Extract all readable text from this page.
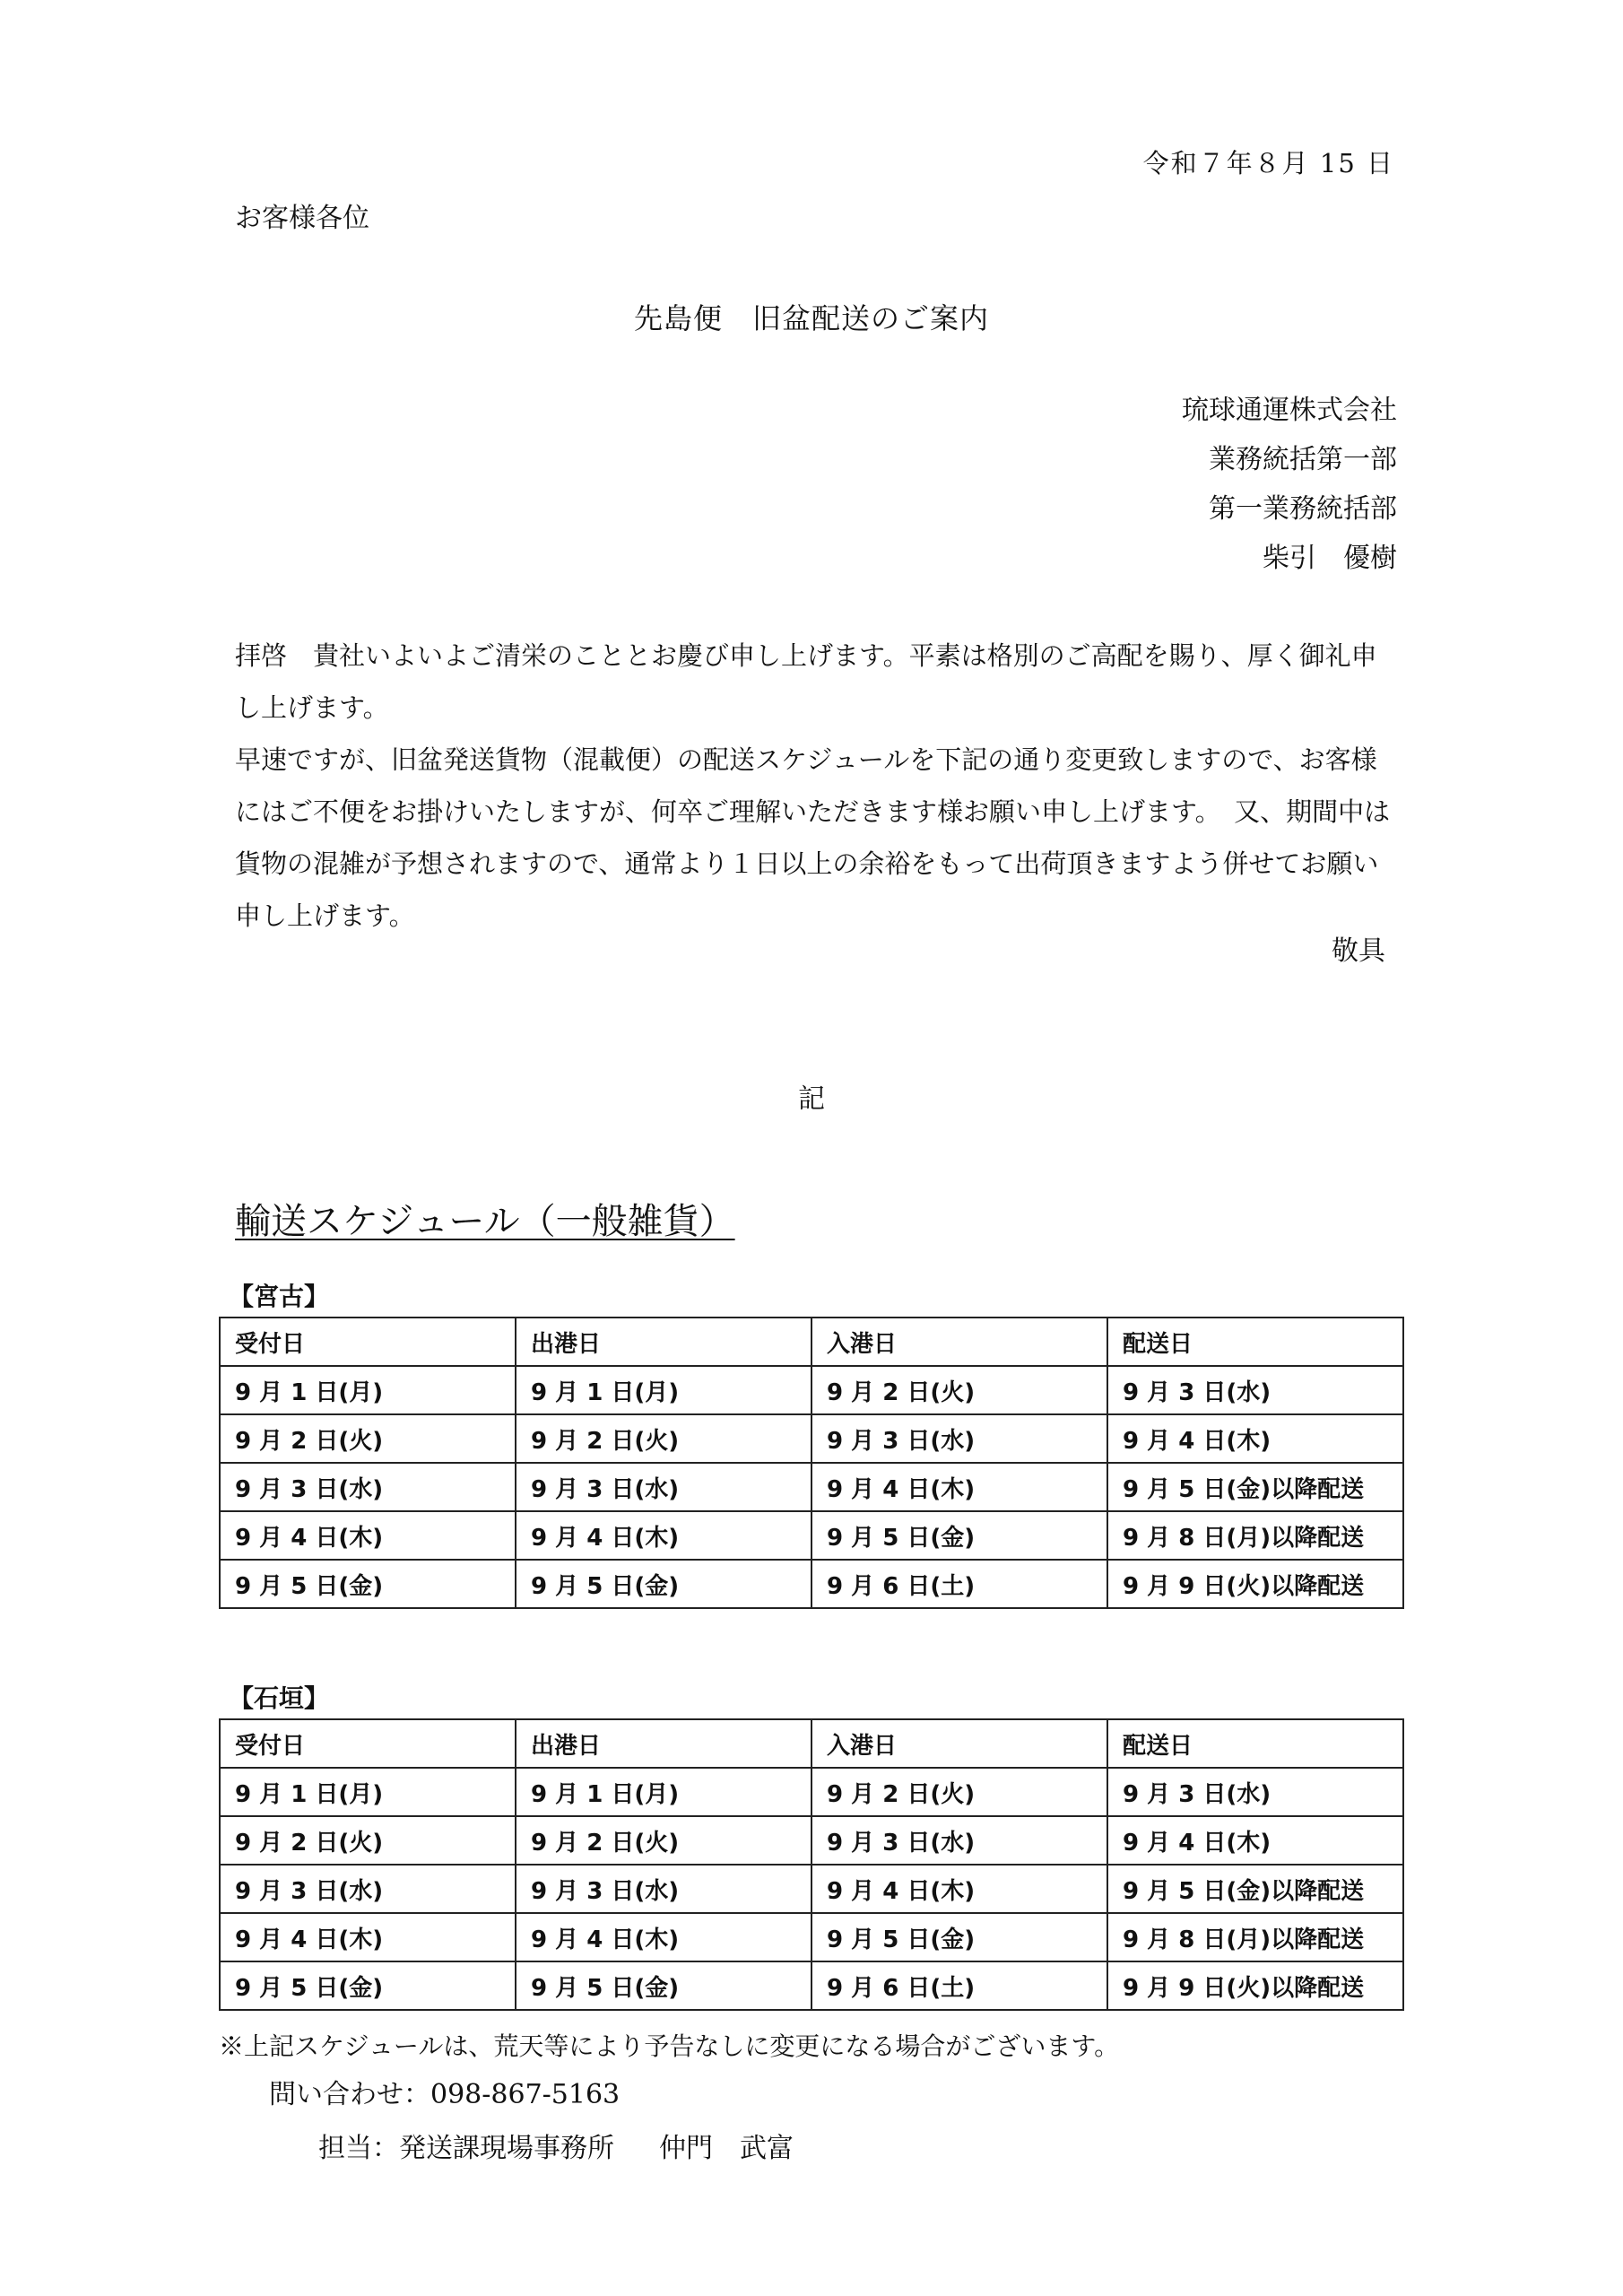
令和７年８月 15 日
お客様各位
先島便　旧盆配送のご案内
琉球通運株式会社
業務統括第一部
第一業務統括部
柴引　優樹

拝啓　貴社いよいよご清栄のこととお慶び申し上げます。平素は格別のご高配を賜り、厚く御礼申し上げます。

早速ですが、旧盆発送貨物（混載便）の配送スケジュールを下記の通り変更致しますので、お客様にはご不便をお掛けいたしますが、何卒ご理解いただきます様お願い申し上げます。　又、期間中は貨物の混雑が予想されますので、通常より１日以上の余裕をもって出荷頂きますよう併せてお願い申し上げます。

敬具
記
輸送スケジュール（一般雑貨）
【宮古】
受付日	出港日	入港日	配送日
9 月 1 日(月)	9 月 1 日(月)	9 月 2 日(火)	9 月 3 日(水)
9 月 2 日(火)	9 月 2 日(火)	9 月 3 日(水)	9 月 4 日(木)
9 月 3 日(水)	9 月 3 日(水)	9 月 4 日(木)	9 月 5 日(金)以降配送
9 月 4 日(木)	9 月 4 日(木)	9 月 5 日(金)	9 月 8 日(月)以降配送
9 月 5 日(金)	9 月 5 日(金)	9 月 6 日(土)	9 月 9 日(火)以降配送
【石垣】
受付日	出港日	入港日	配送日
9 月 1 日(月)	9 月 1 日(月)	9 月 2 日(火)	9 月 3 日(水)
9 月 2 日(火)	9 月 2 日(火)	9 月 3 日(水)	9 月 4 日(木)
9 月 3 日(水)	9 月 3 日(水)	9 月 4 日(木)	9 月 5 日(金)以降配送
9 月 4 日(木)	9 月 4 日(木)	9 月 5 日(金)	9 月 8 日(月)以降配送
9 月 5 日(金)	9 月 5 日(金)	9 月 6 日(土)	9 月 9 日(火)以降配送
※上記スケジュールは、荒天等により予告なしに変更になる場合がございます。
問い合わせ：098-867-5163
担当：発送課現場事務所 仲門　武富
